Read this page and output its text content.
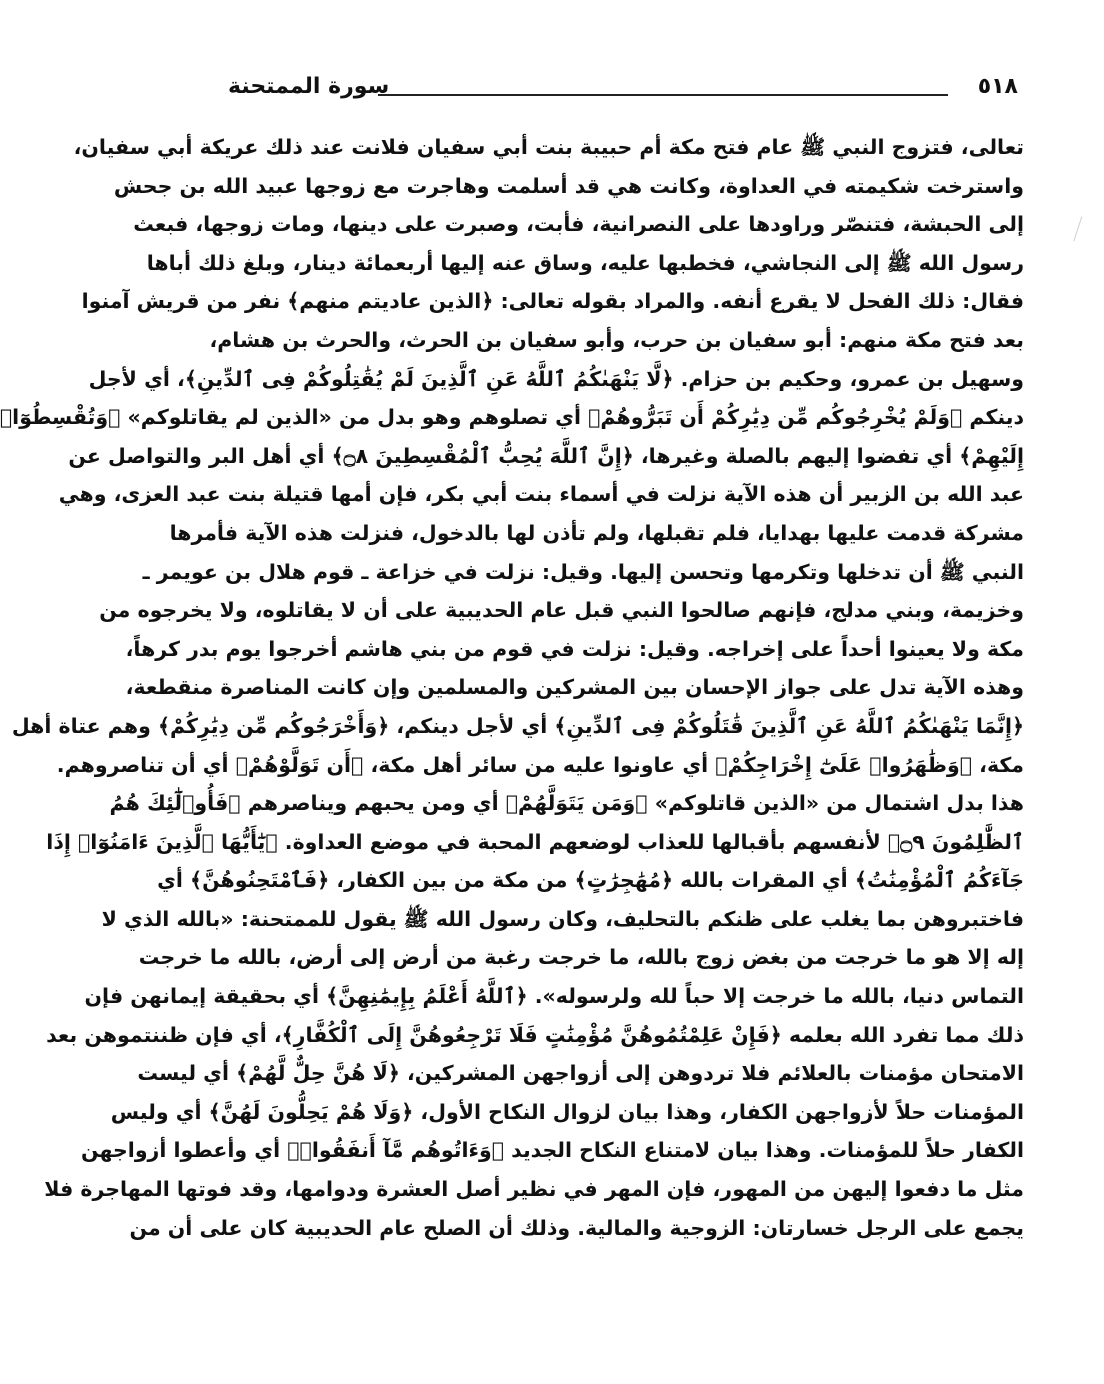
٥١٨
سورة الممتحنة
تعالى، فتزوج النبي ﷺ عام فتح مكة أم حبيبة بنت أبي سفيان فلانت عند ذلك عريكة أبي سفيان،
واسترخت شكيمته في العداوة، وكانت هي قد أسلمت وهاجرت مع زوجها عبيد الله بن جحش
إلى الحبشة، فتنصّر وراودها على النصرانية، فأبت، وصبرت على دينها، ومات زوجها، فبعث
رسول الله ﷺ إلى النجاشي، فخطبها عليه، وساق عنه إليها أربعمائة دينار، وبلغ ذلك أباها
فقال: ذلك الفحل لا يقرع أنفه. والمراد بقوله تعالى: ﴿الذين عاديتم منهم﴾ نفر من قريش آمنوا
بعد فتح مكة منهم: أبو سفيان بن حرب، وأبو سفيان بن الحرث، والحرث بن هشام،
وسهيل بن عمرو، وحكيم بن حزام. ﴿لَّا يَنْهَىٰكُمُ ٱللَّهُ عَنِ ٱلَّذِينَ لَمْ يُقَٰتِلُوكُمْ فِى ٱلدِّينِ﴾، أي لأجل
دينكم ﴿وَلَمْ يُخْرِجُوكُم مِّن دِيَٰرِكُمْ أَن تَبَرُّوهُمْ﴾ أي تصلوهم وهو بدل من «الذين لم يقاتلوكم» ﴿وَتُقْسِطُوٓا۟
إِلَيْهِمْ﴾ أي تفضوا إليهم بالصلة وغيرها، ﴿إِنَّ ٱللَّهَ يُحِبُّ ٱلْمُقْسِطِينَ ۝٨﴾ أي أهل البر والتواصل عن
عبد الله بن الزبير أن هذه الآية نزلت في أسماء بنت أبي بكر، فإن أمها قتيلة بنت عبد العزى، وهي
مشركة قدمت عليها بهدايا، فلم تقبلها، ولم تأذن لها بالدخول، فنزلت هذه الآية فأمرها
النبي ﷺ أن تدخلها وتكرمها وتحسن إليها. وقيل: نزلت في خزاعة ـ قوم هلال بن عويمر ـ
وخزيمة، وبني مدلج، فإنهم صالحوا النبي قبل عام الحديبية على أن لا يقاتلوه، ولا يخرجوه من
مكة ولا يعينوا أحداً على إخراجه. وقيل: نزلت في قوم من بني هاشم أخرجوا يوم بدر كرهاً،
وهذه الآية تدل على جواز الإحسان بين المشركين والمسلمين وإن كانت المناصرة منقطعة،
﴿إِنَّمَا يَنْهَىٰكُمُ ٱللَّهُ عَنِ ٱلَّذِينَ قَٰتَلُوكُمْ فِى ٱلدِّينِ﴾ أي لأجل دينكم، ﴿وَأَخْرَجُوكُم مِّن دِيَٰرِكُمْ﴾ وهم عتاة أهل
مكة، ﴿وَظَٰهَرُوا۟ عَلَىٰٓ إِخْرَاجِكُمْ﴾ أي عاونوا عليه من سائر أهل مكة، ﴿أَن تَوَلَّوْهُمْ﴾ أي أن تناصروهم.
هذا بدل اشتمال من «الذين قاتلوكم» ﴿وَمَن يَتَوَلَّهُمْ﴾ أي ومن يحبهم ويناصرهم ﴿فَأُو۟لَٰٓئِكَ هُمُ
ٱلظَّٰلِمُونَ ۝٩﴾ لأنفسهم بأقبالها للعذاب لوضعهم المحبة في موضع العداوة. ﴿يَٰٓأَيُّهَا ٱلَّذِينَ ءَامَنُوٓا۟ إِذَا
جَآءَكُمُ ٱلْمُؤْمِنَٰتُ﴾ أي المقرات بالله ﴿مُهَٰجِرَٰتٍ﴾ من مكة من بين الكفار، ﴿فَٱمْتَحِنُوهُنَّ﴾ أي
فاختبروهن بما يغلب على ظنكم بالتحليف، وكان رسول الله ﷺ يقول للممتحنة: «بالله الذي لا
إله إلا هو ما خرجت من بغض زوج بالله، ما خرجت رغبة من أرض إلى أرض، بالله ما خرجت
التماس دنيا، بالله ما خرجت إلا حباً لله ولرسوله». ﴿ٱللَّهُ أَعْلَمُ بِإِيمَٰنِهِنَّ﴾ أي بحقيقة إيمانهن فإن
ذلك مما تفرد الله بعلمه ﴿فَإِنْ عَلِمْتُمُوهُنَّ مُؤْمِنَٰتٍ فَلَا تَرْجِعُوهُنَّ إِلَى ٱلْكُفَّارِ﴾، أي فإن ظننتموهن بعد
الامتحان مؤمنات بالعلائم فلا تردوهن إلى أزواجهن المشركين، ﴿لَا هُنَّ حِلٌّ لَّهُمْ﴾ أي ليست
المؤمنات حلاً لأزواجهن الكفار، وهذا بيان لزوال النكاح الأول، ﴿وَلَا هُمْ يَحِلُّونَ لَهُنَّ﴾ أي وليس
الكفار حلاً للمؤمنات. وهذا بيان لامتناع النكاح الجديد ﴿وَءَاتُوهُم مَّآ أَنفَقُوا۟﴾ أي وأعطوا أزواجهن
مثل ما دفعوا إليهن من المهور، فإن المهر في نظير أصل العشرة ودوامها، وقد فوتها المهاجرة فلا
يجمع على الرجل خسارتان: الزوجية والمالية. وذلك أن الصلح عام الحديبية كان على أن من
